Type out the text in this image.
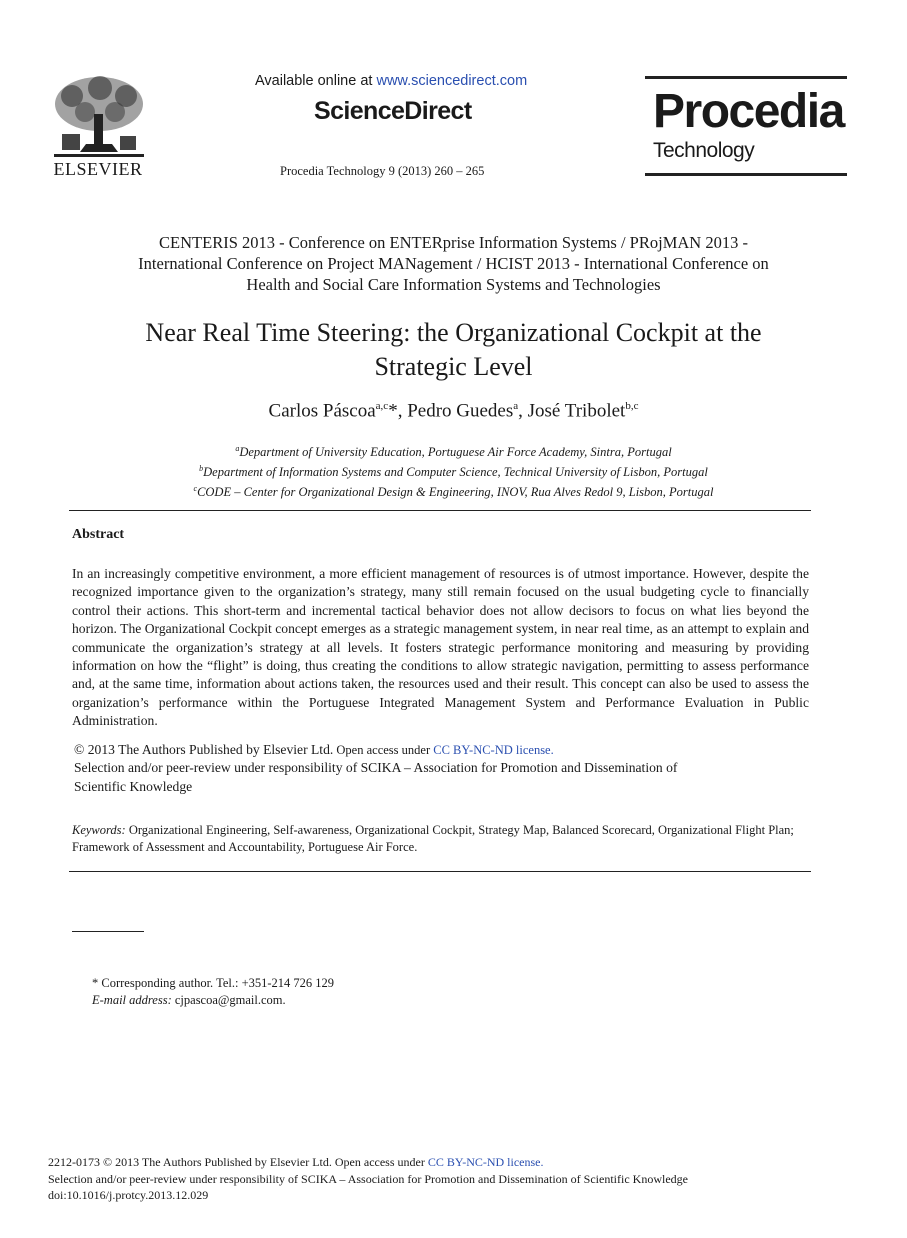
ELSEVIER
Available online at www.sciencedirect.com
ScienceDirect
Procedia Technology 9 (2013) 260 – 265
Procedia
Technology
CENTERIS 2013 - Conference on ENTERprise Information Systems / PRojMAN 2013 -
International Conference on Project MANagement / HCIST 2013 - International Conference on
Health and Social Care Information Systems and Technologies
Near Real Time Steering: the Organizational Cockpit at the
Strategic Level
Carlos Páscoa$^{a,c}$*, Pedro Guedes$^a$, José Tribolet$^{b,c}$
$^a$Department of University Education, Portuguese Air Force Academy, Sintra, Portugal
$^b$Department of Information Systems and Computer Science, Technical University of Lisbon, Portugal
$^c$CODE – Center for Organizational Design & Engineering, INOV, Rua Alves Redol 9, Lisbon, Portugal
Abstract
In an increasingly competitive environment, a more efficient management of resources is of utmost importance. However, despite the recognized importance given to the organization’s strategy, many still remain focused on the usual budgeting cycle to financially control their actions. This short-term and incremental tactical behavior does not allow decisors to focus on what lies beyond the horizon. The Organizational Cockpit concept emerges as a strategic management system, in near real time, as an attempt to explain and communicate the organization’s strategy at all levels. It fosters strategic performance monitoring and measuring by providing information on how the “flight” is doing, thus creating the conditions to allow strategic navigation, permitting to assess performance and, at the same time, information about actions taken, the resources used and their result. This concept can also be used to assess the organization’s performance within the Portuguese Integrated Management System and Performance Evaluation in Public Administration.
© 2013 The Authors Published by Elsevier Ltd. Open access under CC BY-NC-ND license.
Selection and/or peer-review under responsibility of SCIKA – Association for Promotion and Dissemination of
Scientific Knowledge
Keywords: Organizational Engineering, Self-awareness, Organizational Cockpit, Strategy Map, Balanced Scorecard, Organizational Flight Plan; Framework of Assessment and Accountability, Portuguese Air Force.
* Corresponding author. Tel.: +351-214 726 129
E-mail address: cjpascoa@gmail.com.
2212-0173 © 2013 The Authors Published by Elsevier Ltd. Open access under CC BY-NC-ND license.
Selection and/or peer-review under responsibility of SCIKA – Association for Promotion and Dissemination of Scientific Knowledge
doi:10.1016/j.protcy.2013.12.029
